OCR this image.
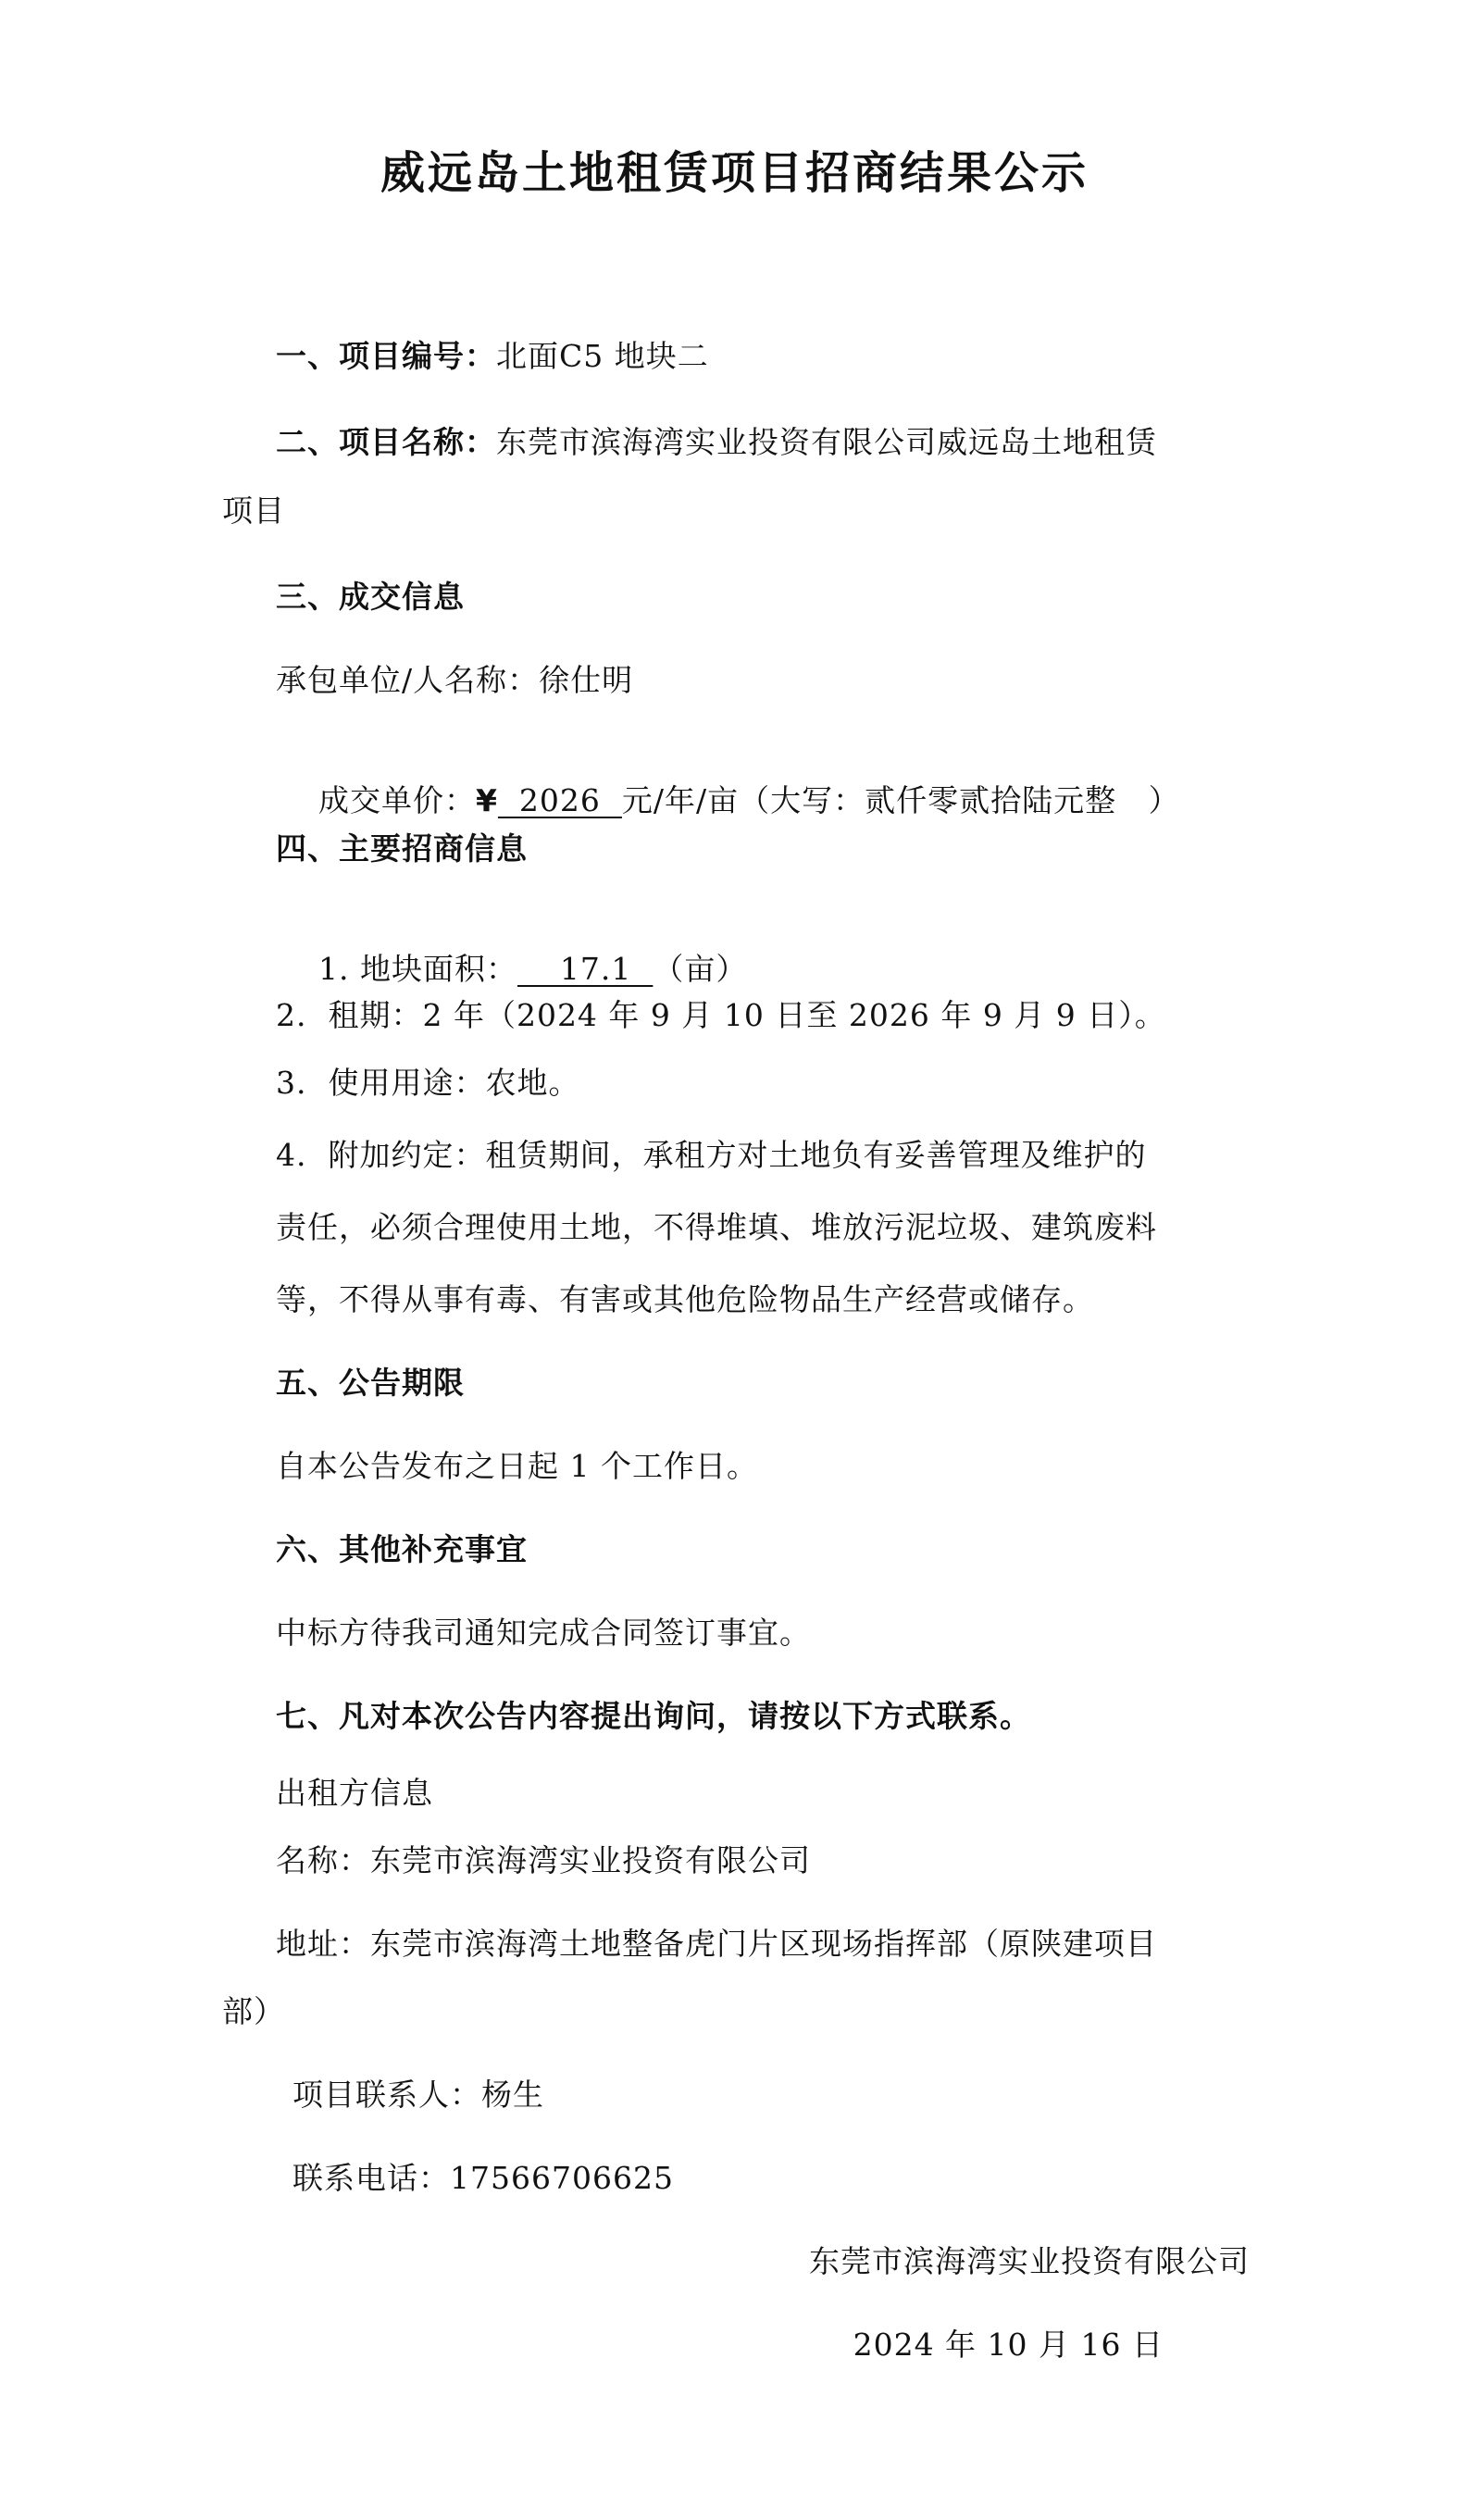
威远岛土地租赁项目招商结果公示
一、项目编号：北面C5 地块二
二、项目名称：东莞市滨海湾实业投资有限公司威远岛土地租赁
项目
三、成交信息
承包单位/人名称：徐仕明

成交单价：¥  2026  元/年/亩（大写：贰仟零贰拾陆元整   ）

四、主要招商信息

1. 地块面积：    17.1  （亩）

2.  租期：2 年（2024 年 9 月 10 日至 2026 年 9 月 9 日）。
3.  使用用途：农地。
4.  附加约定：租赁期间，承租方对土地负有妥善管理及维护的
责任，必须合理使用土地，不得堆填、堆放污泥垃圾、建筑废料
等，不得从事有毒、有害或其他危险物品生产经营或储存。
五、公告期限
自本公告发布之日起 1 个工作日。
六、其他补充事宜
中标方待我司通知完成合同签订事宜。
七、凡对本次公告内容提出询问，请按以下方式联系。
出租方信息
名称：东莞市滨海湾实业投资有限公司
地址：东莞市滨海湾土地整备虎门片区现场指挥部（原陕建项目
部）
项目联系人：杨生
联系电话：17566706625
东莞市滨海湾实业投资有限公司
2024 年 10 月 16 日
